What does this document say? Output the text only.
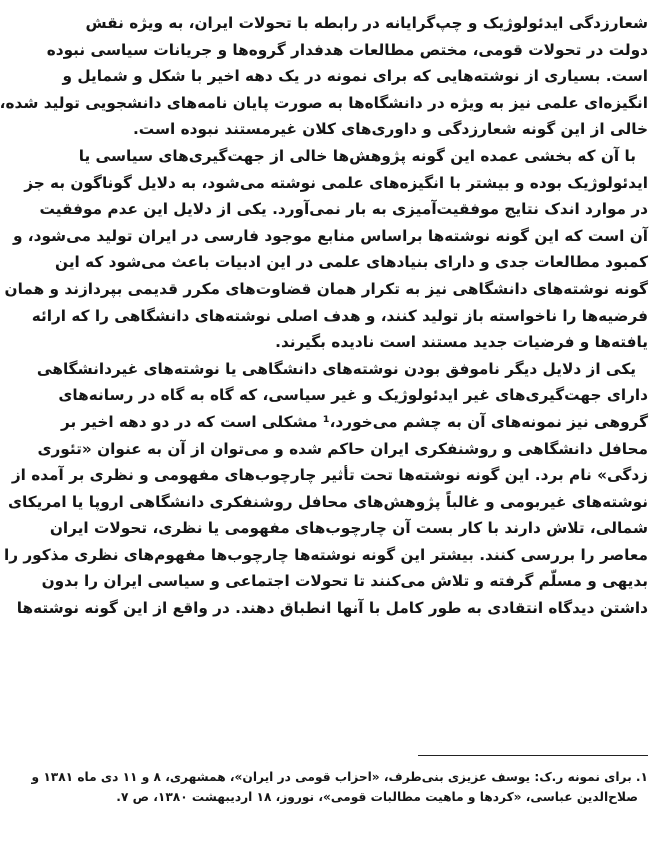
شعارزدگی ایدئولوژیک و چپ‌گرایانه در رابطه با تحولات ایران، به ویژه نقش
دولت در تحولات قومی، مختص مطالعات هدفدار گروه‌ها و جریانات سیاسی نبوده
است. بسیاری از نوشته‌هایی که برای نمونه در یک دهه اخیر با شکل و شمایل و
انگیزه‌ای علمی نیز به ویژه در دانشگاه‌ها به صورت پایان نامه‌های دانشجویی تولید شده،
خالی از این گونه شعارزدگی و داوری‌های کلان غیرمستند نبوده است.
با آن که بخشی عمده این گونه پژوهش‌ها خالی از جهت‌گیری‌های سیاسی یا
ایدئولوژیک بوده و بیشتر با انگیزه‌های علمی نوشته می‌شود، به دلایل گوناگون به جز
در موارد اندک نتایج موفقیت‌آمیزی به بار نمی‌آورد. یکی از دلایل این عدم موفقیت
آن است که این گونه نوشته‌ها براساس منابع موجود فارسی در ایران تولید می‌شود، و
کمبود مطالعات جدی و دارای بنیادهای علمی در این ادبیات باعث می‌شود که این
گونه نوشته‌های دانشگاهی نیز به تکرار همان قضاوت‌های مکرر قدیمی بپردازند و همان
فرضیه‌ها را ناخواسته باز تولید کنند، و هدف اصلی نوشته‌های دانشگاهی را که ارائه
یافته‌ها و فرضیات جدید مستند است نادیده بگیرند.
یکی از دلایل دیگر ناموفق بودن نوشته‌های دانشگاهی یا نوشته‌های غیردانشگاهی
دارای جهت‌گیری‌های غیر ایدئولوژیک و غیر سیاسی، که گاه به گاه در رسانه‌های
گروهی نیز نمونه‌های آن به چشم می‌خورد،¹ مشکلی است که در دو دهه اخیر بر
محافل دانشگاهی و روشنفکری ایران حاکم شده و می‌توان از آن به عنوان «تئوری
زدگی» نام برد. این گونه نوشته‌ها تحت تأثیر چارچوب‌های مفهومی و نظری بر آمده از
نوشته‌های غیربومی و غالباً پژوهش‌های محافل روشنفکری دانشگاهی اروپا یا امریکای
شمالی، تلاش دارند با کار بست آن چارچوب‌های مفهومی یا نظری، تحولات ایران
معاصر را بررسی کنند. بیشتر این گونه نوشته‌ها چارچوب‌ها مفهوم‌های نظری مذکور را
بدیهی و مسلّم گرفته و تلاش می‌کنند تا تحولات اجتماعی و سیاسی ایران را بدون
داشتن دیدگاه انتقادی به طور کامل با آنها انطباق دهند. در واقع از این گونه نوشته‌ها
۱. برای نمونه ر.ک: یوسف عزیزی بنی‌طرف، «احزاب قومی در ایران»، همشهری، ۸ و ۱۱ دی ماه ۱۳۸۱ و
صلاح‌الدین عباسی، «کردها و ماهیت مطالبات قومی»، نوروز، ۱۸ اردیبهشت ۱۳۸۰، ص ۷.
